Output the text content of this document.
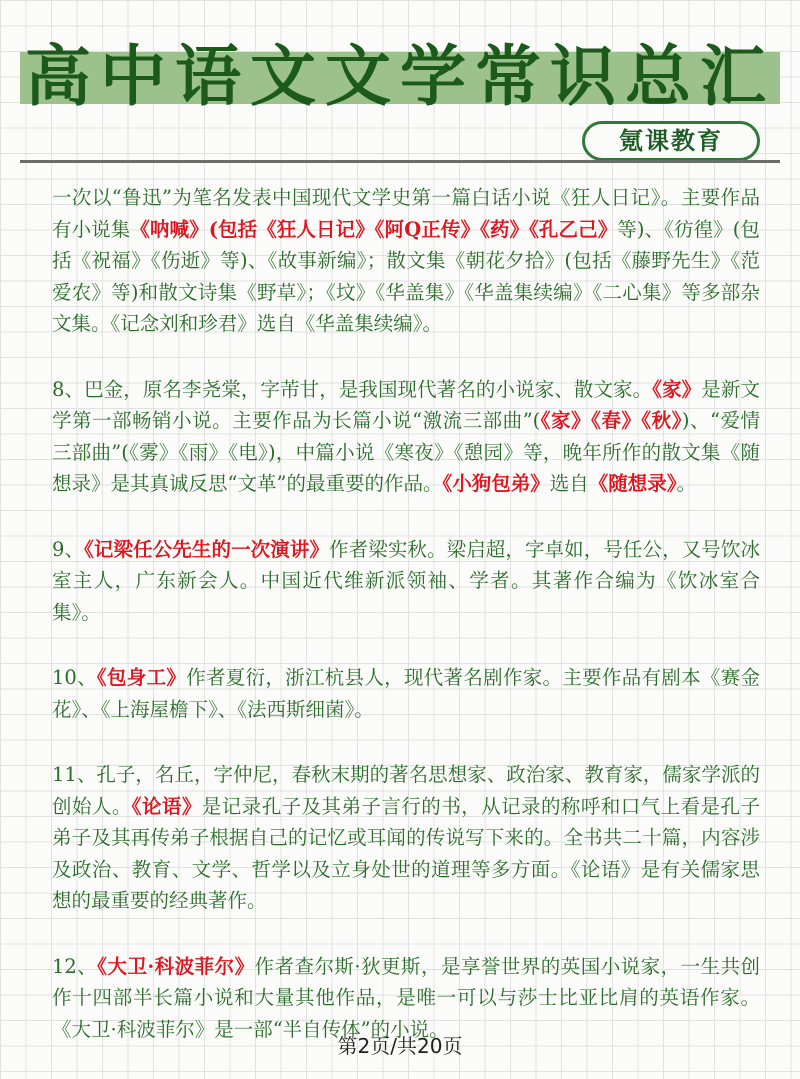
高中语文文学常识总汇
氪课教育

一次以“鲁迅”为笔名发表中国现代文学史第一篇白话小说《狂人日记》。主要作品有小说集《呐喊》(包括《狂人日记》《阿Q正传》《药》《孔乙己》等)、《彷徨》(包括《祝福》《伤逝》等)、《故事新编》；散文集《朝花夕拾》(包括《藤野先生》《范爱农》等)和散文诗集《野草》；《坟》《华盖集》《华盖集续编》《二心集》等多部杂文集。《记念刘和珍君》选自《华盖集续编》。

8、巴金，原名李尧棠，字芾甘，是我国现代著名的小说家、散文家。《家》是新文学第一部畅销小说。主要作品为长篇小说“激流三部曲”(《家》《春》《秋》)、“爱情三部曲”(《雾》《雨》《电》)，中篇小说《寒夜》《憩园》等，晚年所作的散文集《随想录》是其真诚反思“文革”的最重要的作品。《小狗包弟》选自《随想录》。

9、《记梁任公先生的一次演讲》作者梁实秋。梁启超，字卓如，号任公，又号饮冰室主人，广东新会人。中国近代维新派领袖、学者。其著作合编为《饮冰室合集》。

10、《包身工》作者夏衍，浙江杭县人，现代著名剧作家。主要作品有剧本《赛金花》、《上海屋檐下》、《法西斯细菌》。

11、孔子，名丘，字仲尼，春秋末期的著名思想家、政治家、教育家，儒家学派的创始人。《论语》是记录孔子及其弟子言行的书，从记录的称呼和口气上看是孔子弟子及其再传弟子根据自己的记忆或耳闻的传说写下来的。全书共二十篇，内容涉及政治、教育、文学、哲学以及立身处世的道理等多方面。《论语》是有关儒家思想的最重要的经典著作。

12、《大卫·科波菲尔》作者查尔斯·狄更斯，是享誉世界的英国小说家，一生共创作十四部半长篇小说和大量其他作品，是唯一可以与莎士比亚比肩的英语作家。《大卫·科波菲尔》是一部“半自传体”的小说。

第2页/共20页
